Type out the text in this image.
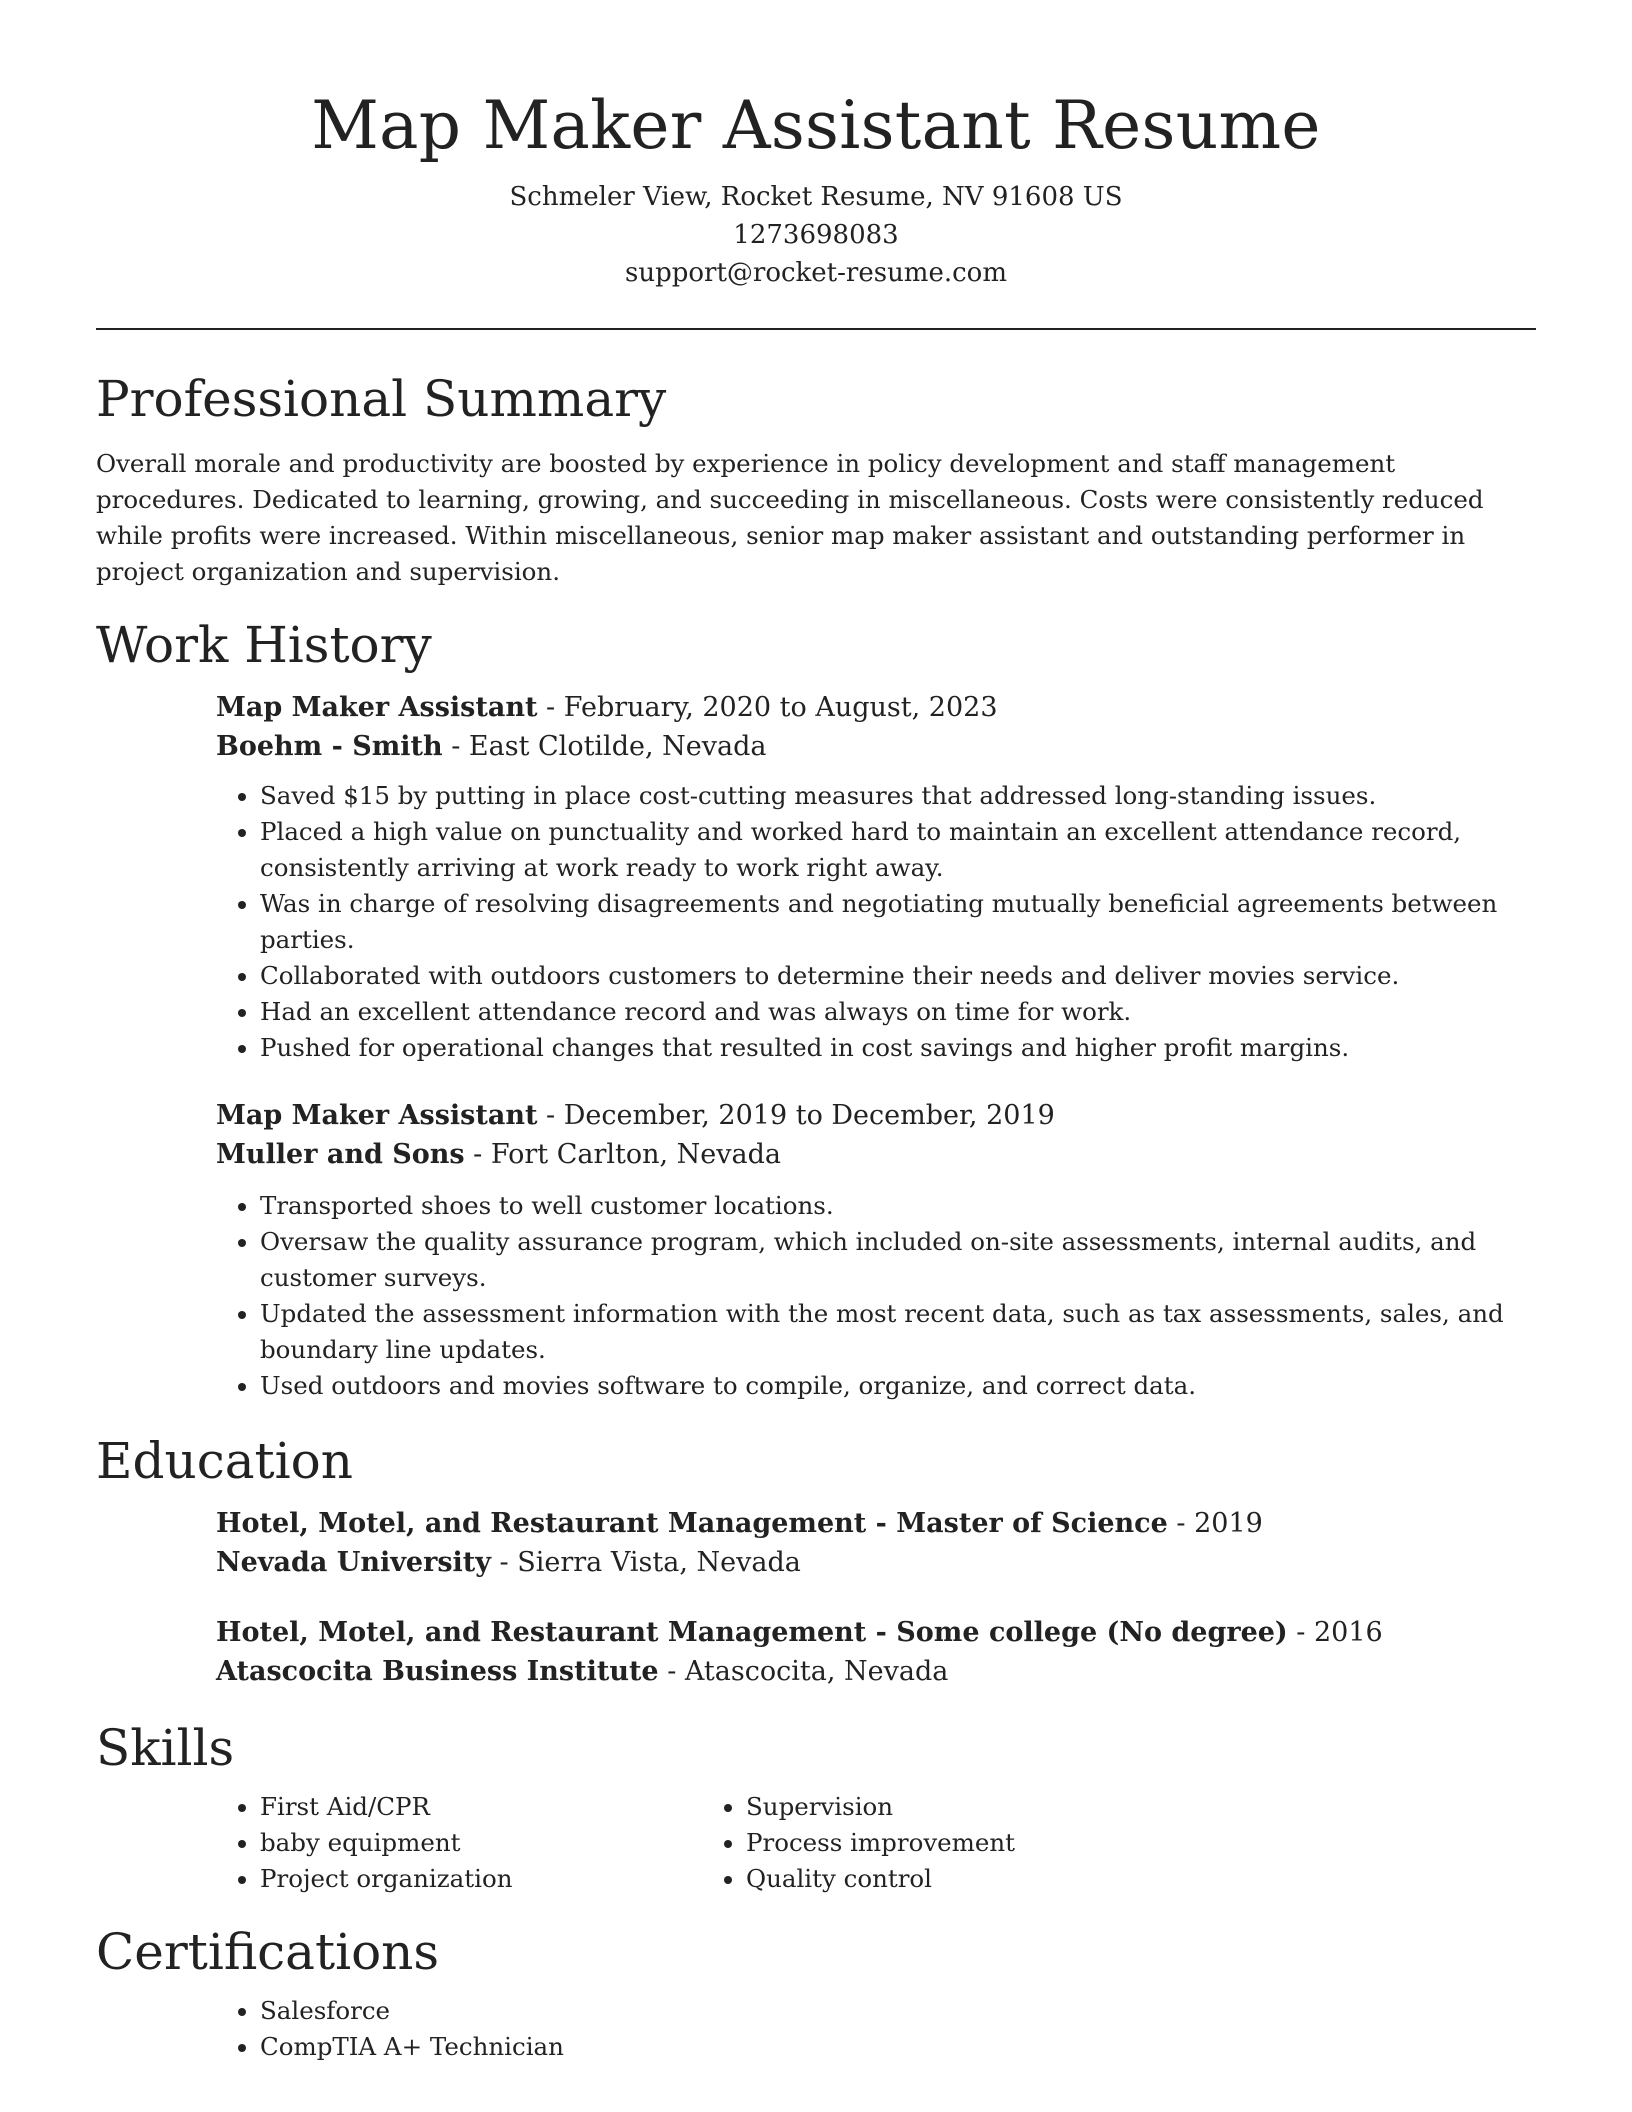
Map Maker Assistant Resume
Schmeler View, Rocket Resume, NV 91608 US
1273698083
support@rocket-resume.com
Professional Summary

Overall morale and productivity are boosted by experience in policy development and staff management procedures. Dedicated to learning, growing, and succeeding in miscellaneous. Costs were consistently reduced while profits were increased. Within miscellaneous, senior map maker assistant and outstanding performer in project organization and supervision.

Work History
Map Maker Assistant - February, 2020 to August, 2023
Boehm - Smith - East Clotilde, Nevada
• Saved $15 by putting in place cost-cutting measures that addressed long-standing issues.
• Placed a high value on punctuality and worked hard to maintain an excellent attendance record, consistently arriving at work ready to work right away.
• Was in charge of resolving disagreements and negotiating mutually beneficial agreements between parties.
• Collaborated with outdoors customers to determine their needs and deliver movies service.
• Had an excellent attendance record and was always on time for work.
• Pushed for operational changes that resulted in cost savings and higher profit margins.
Map Maker Assistant - December, 2019 to December, 2019
Muller and Sons - Fort Carlton, Nevada
• Transported shoes to well customer locations.
• Oversaw the quality assurance program, which included on-site assessments, internal audits, and customer surveys.
• Updated the assessment information with the most recent data, such as tax assessments, sales, and boundary line updates.
• Used outdoors and movies software to compile, organize, and correct data.
Education
Hotel, Motel, and Restaurant Management - Master of Science - 2019
Nevada University - Sierra Vista, Nevada
Hotel, Motel, and Restaurant Management - Some college (No degree) - 2016
Atascocita Business Institute - Atascocita, Nevada
Skills
• First Aid/CPR
• baby equipment
• Project organization
• Supervision
• Process improvement
• Quality control
Certifications
• Salesforce
• CompTIA A+ Technician
